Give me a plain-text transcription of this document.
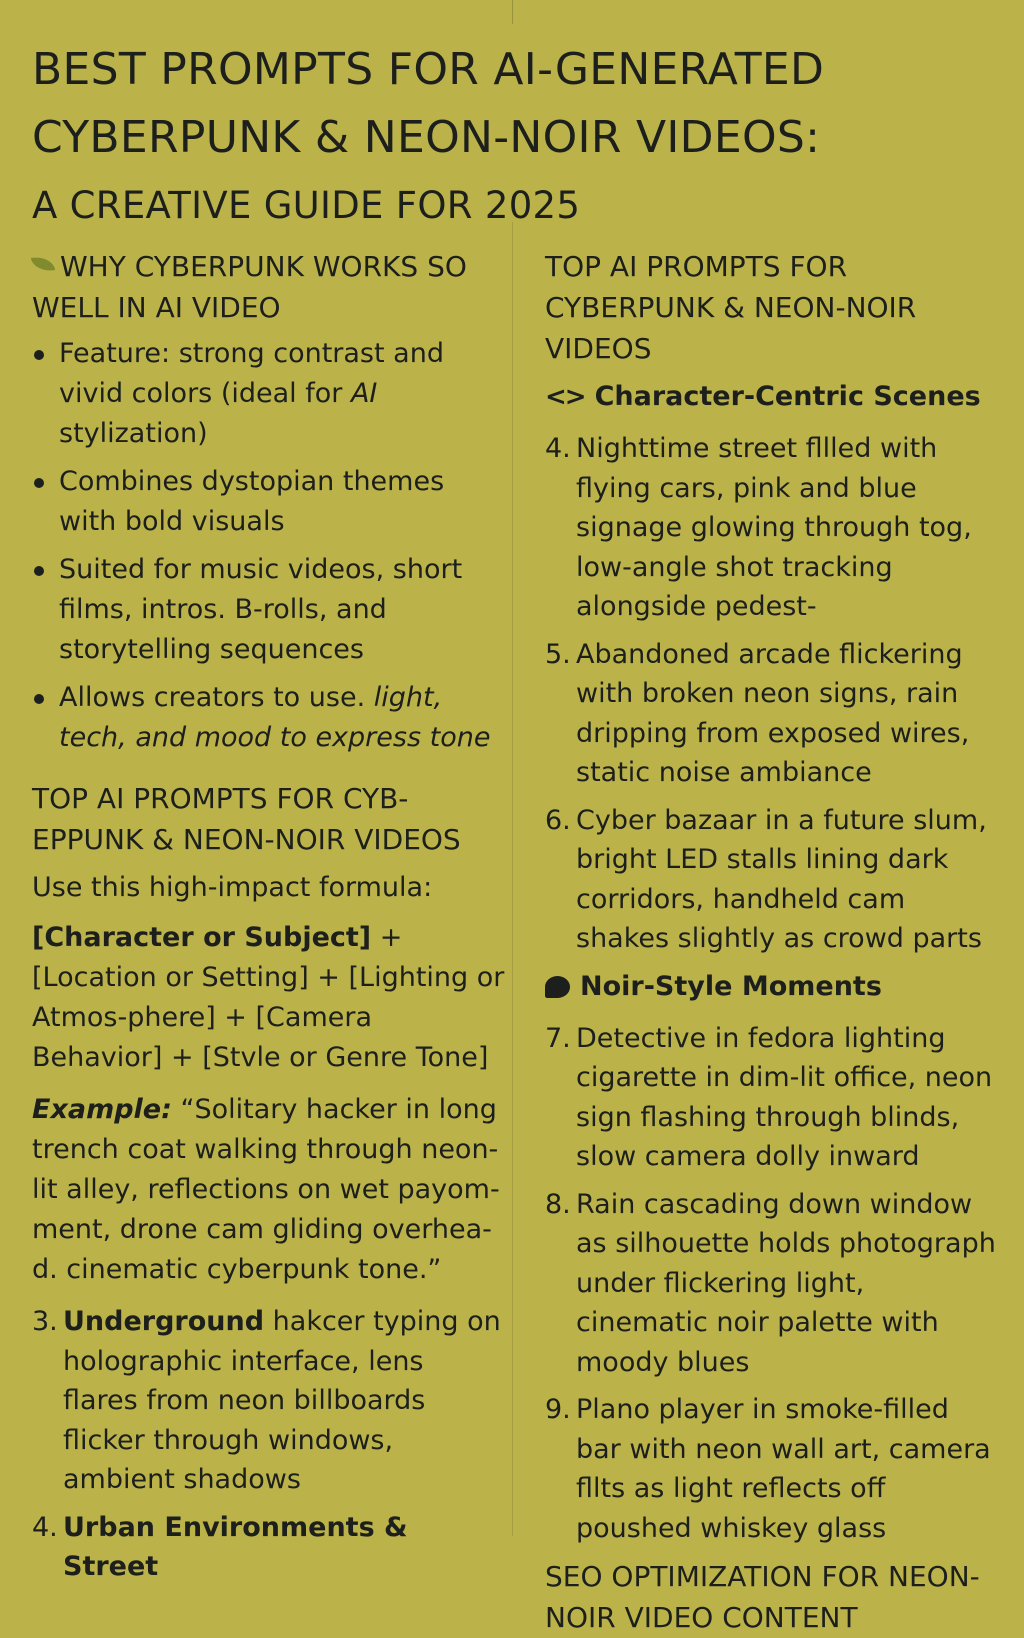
BEST PROMPTS FOR AI-GENERATED
CYBERPUNK & NEON-NOIR VIDEOS:
A CREATIVE GUIDE FOR 2025
WHY CYBERPUNK WORKS SO WELL IN AI VIDEO
Feature: strong contrast and vivid colors (ideal for AI stylization)
Combines dystopian themes with bold visuals
Suited for music videos, short films, intros. B-rolls, and storytelling sequences
Allows creators to use. light, tech, and mood to express tone
TOP AI PROMPTS FOR CYB-EPPUNK & NEON-NOIR VIDEOS

Use this high-impact formula:

[Character or Subject] + [Location or Setting] + [Lighting or Atmos-phere] + [Camera Behavior] + [Stvle or Genre Tone]

Example: “Solitary hacker in long trench coat walking through neon-lit alley, reflections on wet payom-ment, drone cam gliding overhea-d. cinematic cyberpunk tone.”

3. Underground hakcer typing on holographic interface, lens flares from neon billboards flicker through windows, ambient shadows
4. Urban Environments & Street
TOP AI PROMPTS FOR CYBERPUNK & NEON-NOIR VIDEOS
<> Character-Centric Scenes
4. Nighttime street fllled with flying cars, pink and blue signage glowing through tog, low-angle shot tracking alongside pedest-
5. Abandoned arcade flickering with broken neon signs, rain dripping from exposed wires, static noise ambiance
6. Cyber bazaar in a future slum, bright LED stalls lining dark corridors, handheld cam shakes slightly as crowd parts
Noir-Style Moments
7. Detective in fedora lighting cigarette in dim-lit office, neon sign flashing through blinds, slow camera dolly inward
8. Rain cascading down window as silhouette holds photograph under flickering light, cinematic noir palette with moody blues
9. Plano player in smoke-filled bar with neon wall art, camera fllts as light reflects off poushed whiskey glass
SEO OPTIMIZATION FOR NEON-NOIR VIDEO CONTENT
